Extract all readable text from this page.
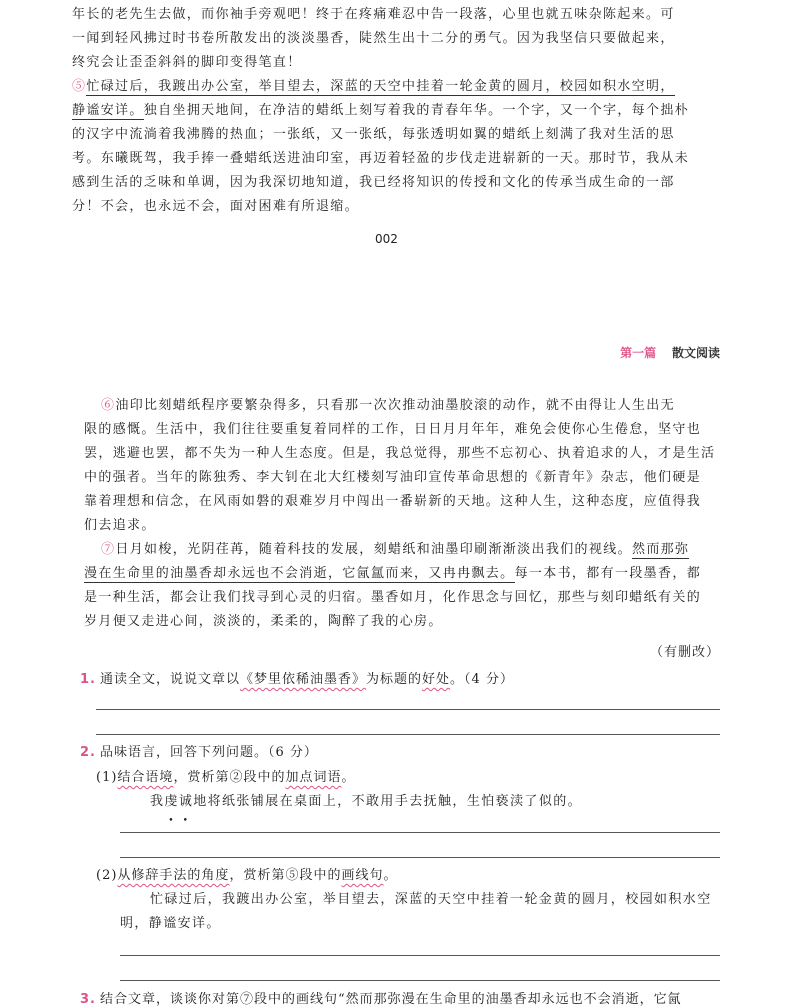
年长的老先生去做，而你袖手旁观吧！终于在疼痛难忍中告一段落，心里也就五味杂陈起来。可

一闻到轻风拂过时书卷所散发出的淡淡墨香，陡然生出十二分的勇气。因为我坚信只要做起来，

终究会让歪歪斜斜的脚印变得笔直！

⑤忙碌过后，我踱出办公室，举目望去，深蓝的天空中挂着一轮金黄的圆月，校园如积水空明，

静谧安详。独自坐拥天地间，在净洁的蜡纸上刻写着我的青春年华。一个字，又一个字，每个拙朴

的汉字中流淌着我沸腾的热血；一张纸，又一张纸，每张透明如翼的蜡纸上刻满了我对生活的思

考。东曦既驾，我手捧一叠蜡纸送进油印室，再迈着轻盈的步伐走进崭新的一天。那时节，我从未

感到生活的乏味和单调，因为我深切地知道，我已经将知识的传授和文化的传承当成生命的一部

分！不会，也永远不会，面对困难有所退缩。

002
第一篇 散文阅读

　 ⑥油印比刻蜡纸程序要繁杂得多，只看那一次次推动油墨胶滚的动作，就不由得让人生出无

限的感慨。生活中，我们往往要重复着同样的工作，日日月月年年，难免会使你心生倦怠，坚守也

罢，逃避也罢，都不失为一种人生态度。但是，我总觉得，那些不忘初心、执着追求的人，才是生活

中的强者。当年的陈独秀、李大钊在北大红楼刻写油印宣传革命思想的《新青年》杂志，他们硬是

靠着理想和信念，在风雨如磐的艰难岁月中闯出一番崭新的天地。这种人生，这种态度，应值得我

们去追求。

　 ⑦日月如梭，光阴荏苒，随着科技的发展，刻蜡纸和油墨印刷渐渐淡出我们的视线。然而那弥

漫在生命里的油墨香却永远也不会消逝，它氤氲而来，又冉冉飘去。每一本书，都有一段墨香，都

是一种生活，都会让我们找寻到心灵的归宿。墨香如月，化作思念与回忆，那些与刻印蜡纸有关的

岁月便又走进心间，淡淡的，柔柔的，陶醉了我的心房。

（有删改）
1. 通读全文，说说文章以《梦里依稀油墨香》为标题的好处。（4 分）
2. 品味语言，回答下列问题。（6 分）
(1)结合语境，赏析第②段中的加点词语。
我虔诚地将纸张铺展在桌面上，不敢用手去抚触，生怕亵渎了似的。
(2)从修辞手法的角度，赏析第⑤段中的画线句。
忙碌过后，我踱出办公室，举目望去，深蓝的天空中挂着一轮金黄的圆月，校园如积水空
明，静谧安详。
3. 结合文章，谈谈你对第⑦段中的画线句“然而那弥漫在生命里的油墨香却永远也不会消逝，它氤
